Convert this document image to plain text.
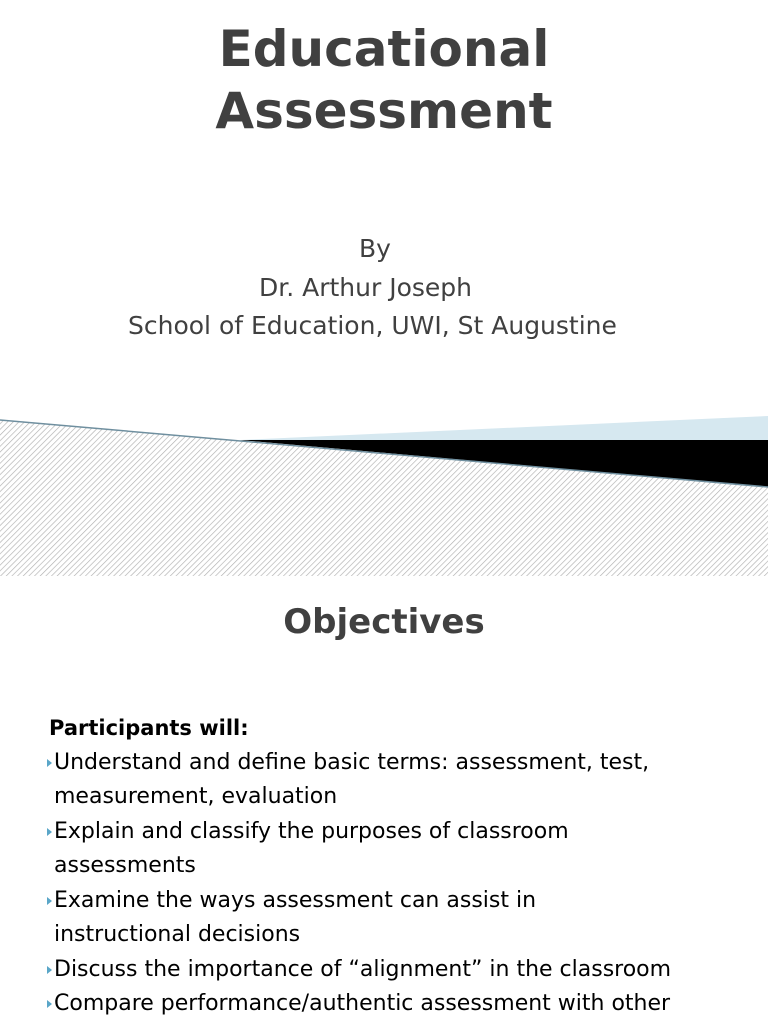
Educational
Assessment
By
Dr. Arthur Joseph
School of Education, UWI, St Augustine
Objectives
Participants will:
Understand and define basic terms: assessment, test,
measurement, evaluation
Explain and classify the purposes of classroom
assessments
Examine the ways assessment can assist in
instructional decisions
Discuss the importance of “alignment” in the classroom
Compare performance/authentic assessment with other
